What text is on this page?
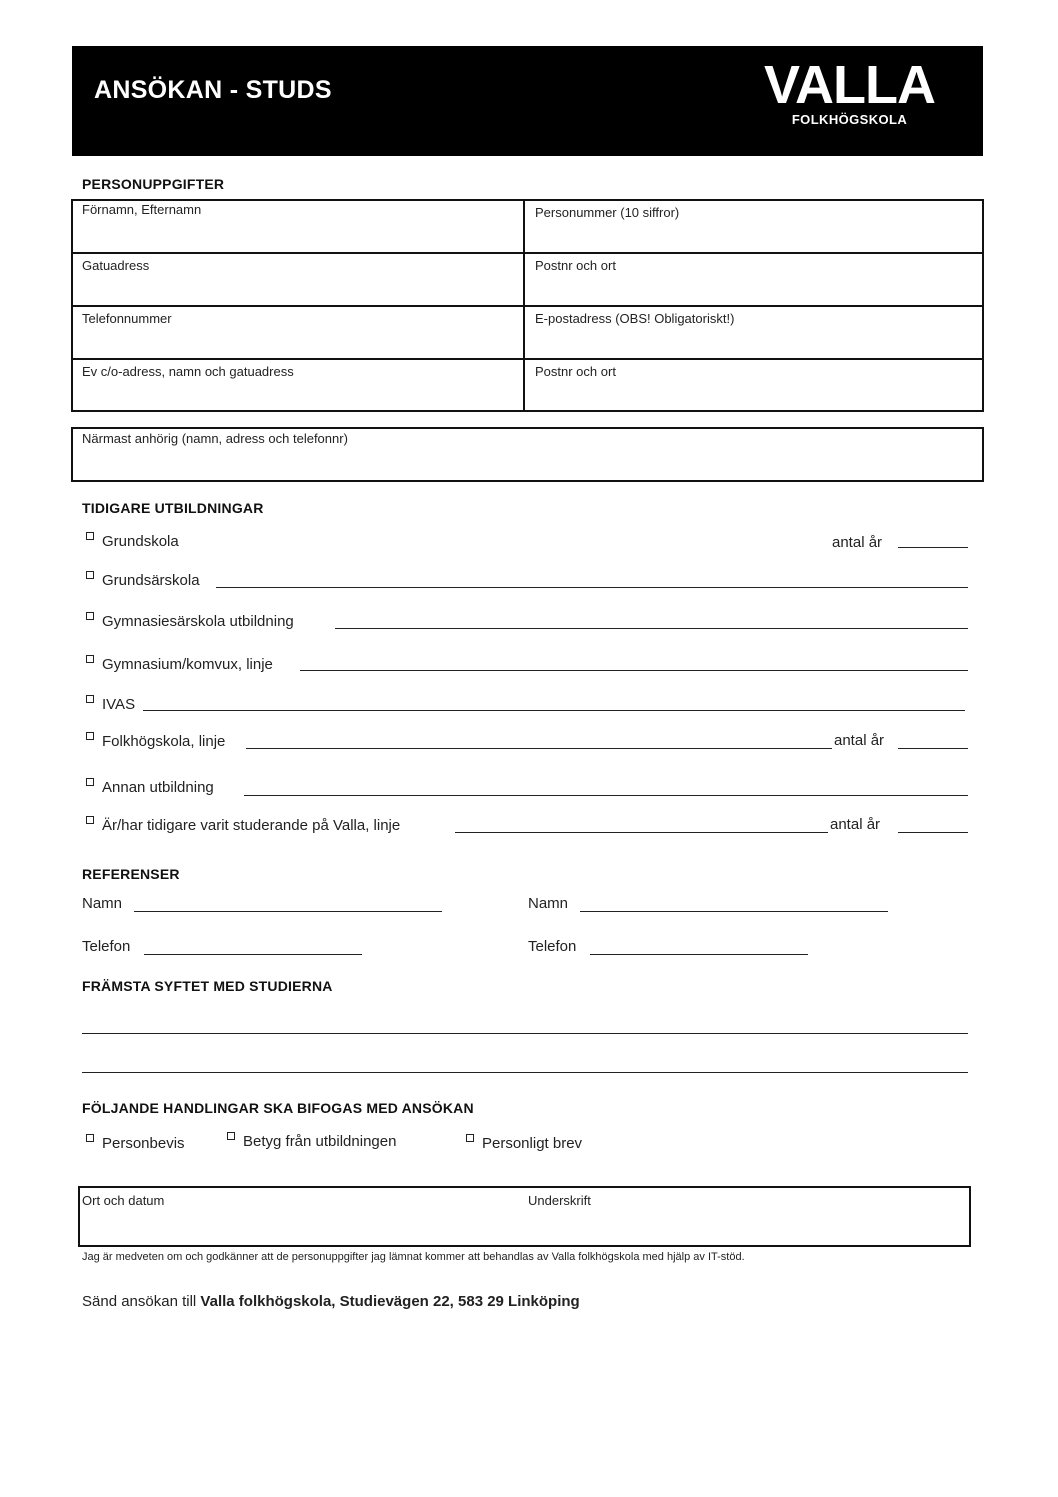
ANSÖKAN - STUDS	VALLA
FOLKHÖGSKOLA
PERSONUPPGIFTER
Förnamn, Efternamn	Personummer (10 siffror)
Gatuadress	Postnr och ort
Telefonnummer	E-postadress (OBS! Obligatoriskt!)
Ev c/o-adress, namn och gatuadress	Postnr och ort
Närmast anhörig (namn, adress och telefonnr)
TIDIGARE UTBILDNINGAR
Grundskola	antal år
Grundsärskola
Gymnasiesärskola utbildning
Gymnasium/komvux, linje
IVAS
Folkhögskola, linje	antal år
Annan utbildning
Är/har tidigare varit studerande på Valla, linje	antal år
REFERENSER
Namn	Namn
Telefon	Telefon
FRÄMSTA SYFTET MED STUDIERNA
FÖLJANDE HANDLINGAR SKA BIFOGAS MED ANSÖKAN
Personbevis	Betyg från utbildningen	Personligt brev
Ort och datum	Underskrift
Jag är medveten om och godkänner att de personuppgifter jag lämnat kommer att behandlas av Valla folkhögskola med hjälp av IT-stöd.
Sänd ansökan till Valla folkhögskola, Studievägen 22, 583 29 Linköping
